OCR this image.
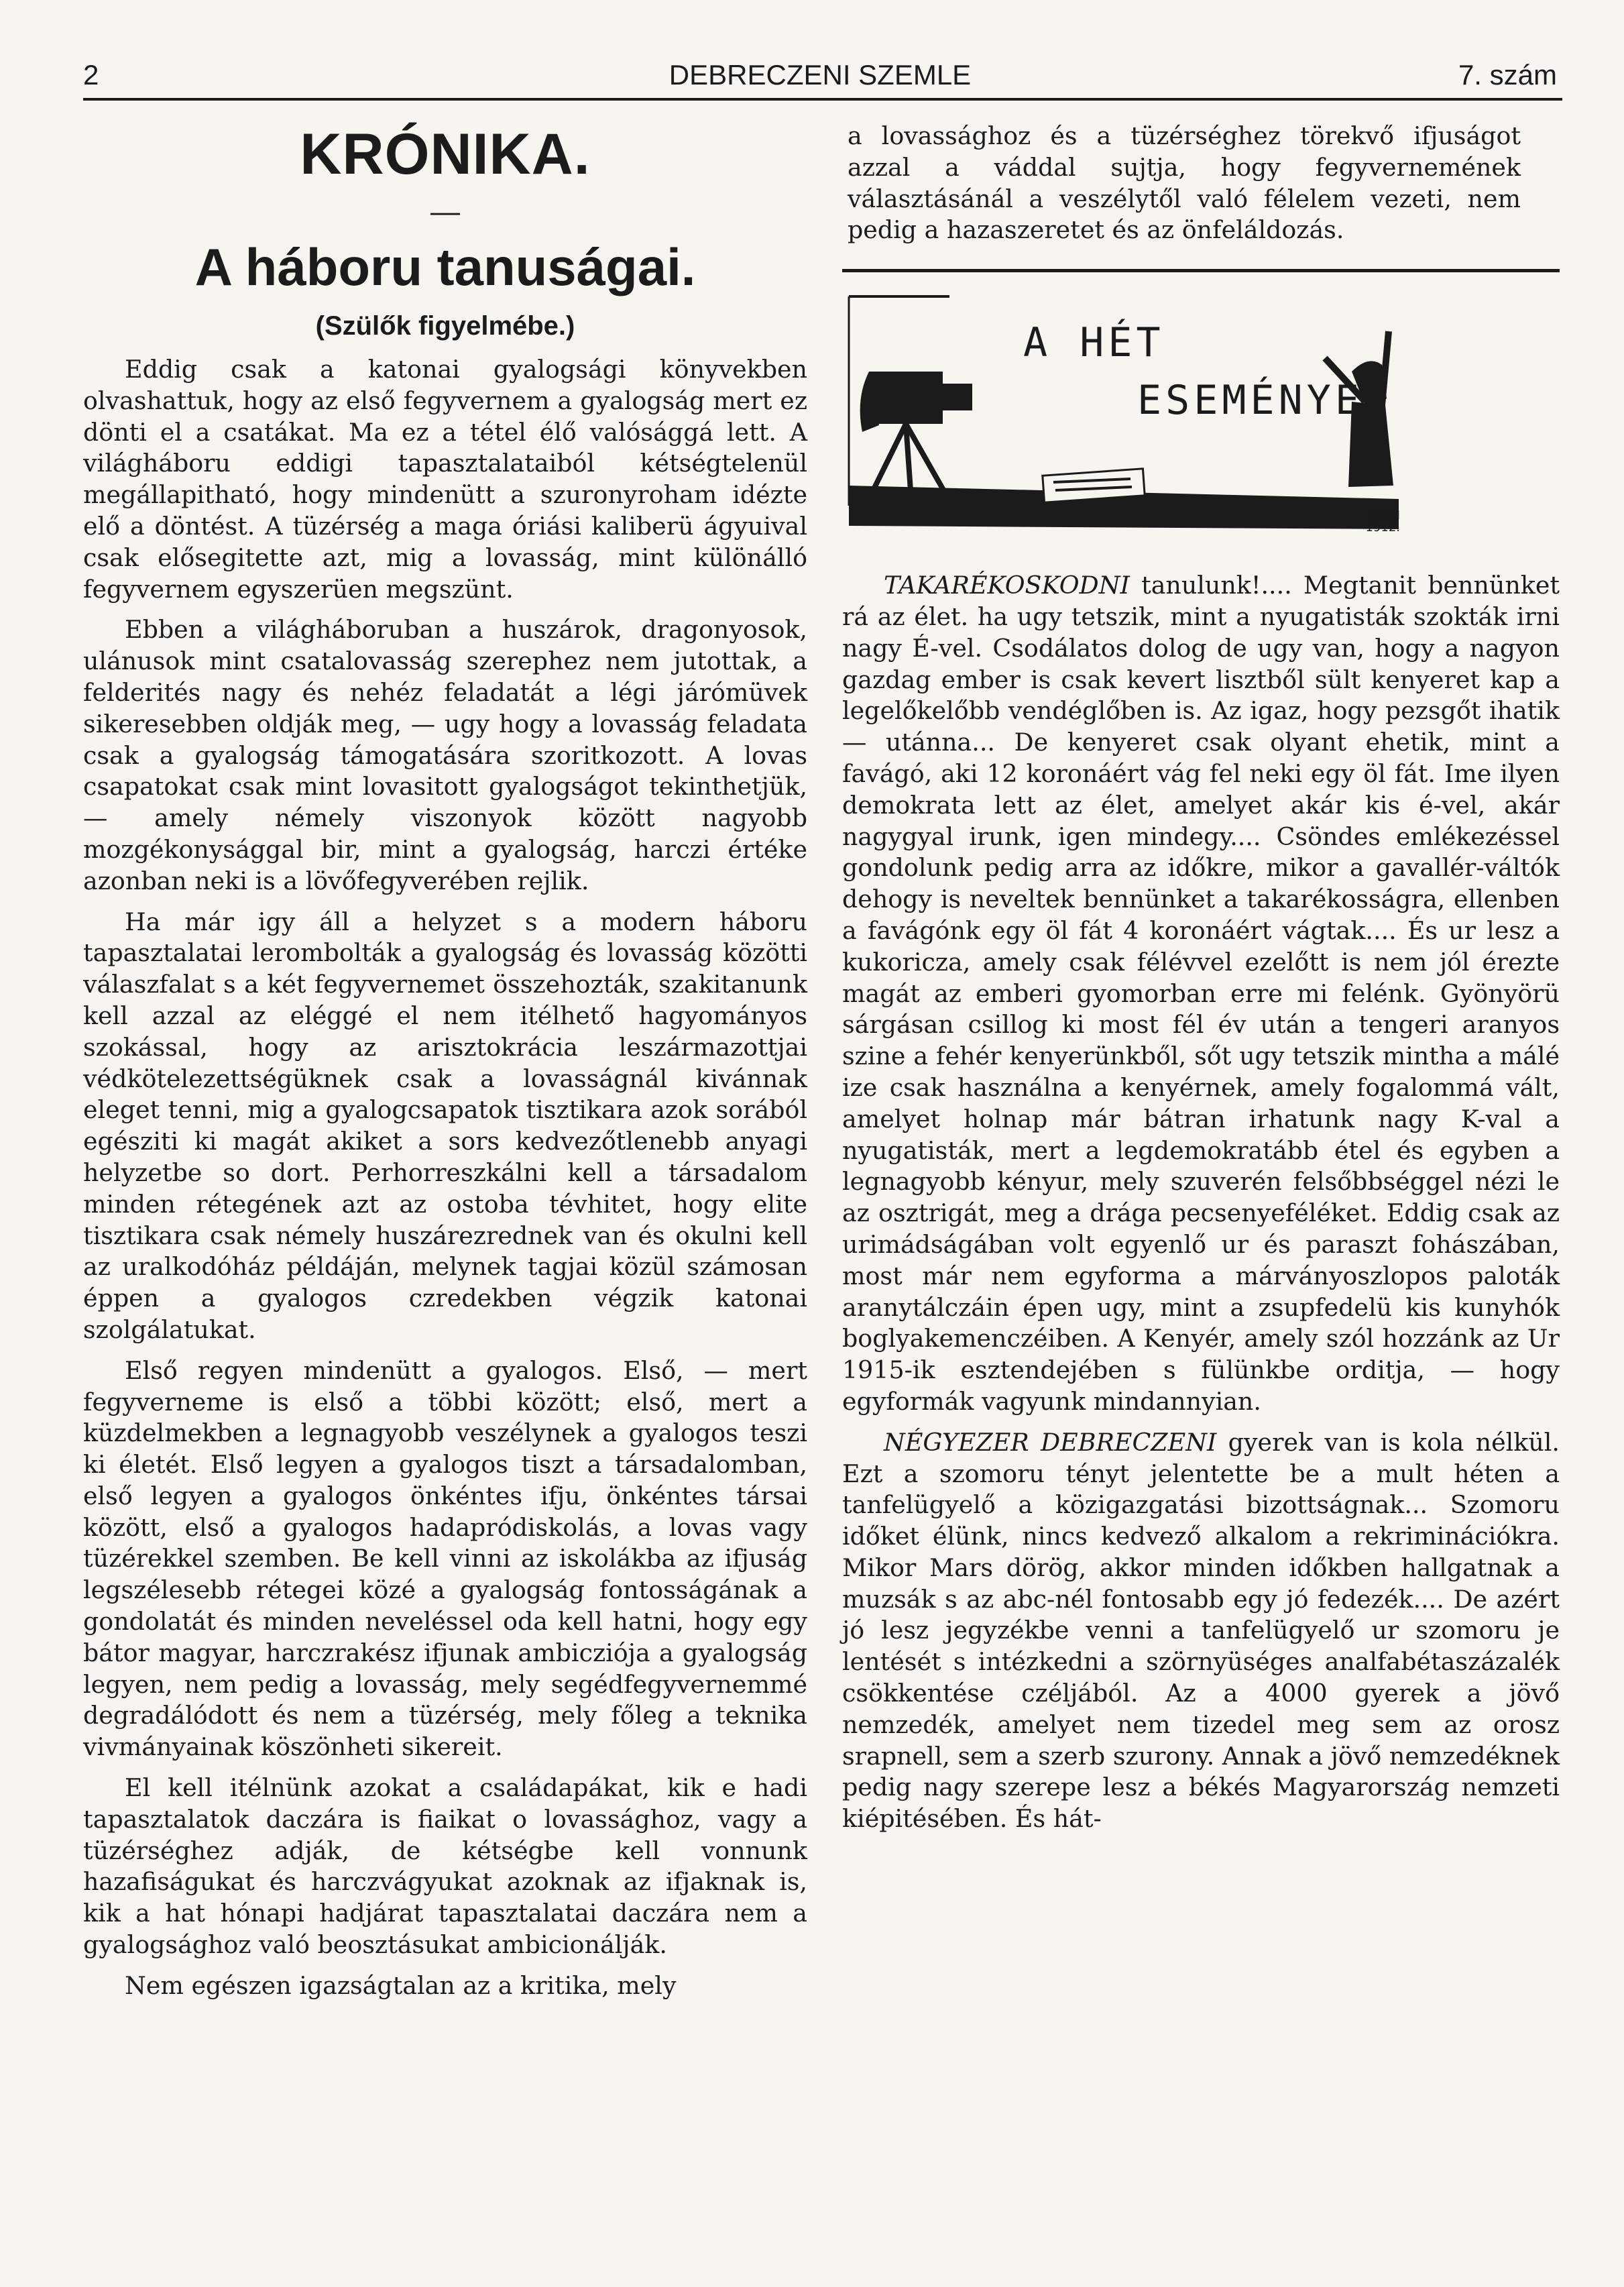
DEBRECZENI SZEMLE
2	7. szám
KRÓNIKA.
—
A háboru tanuságai.
(Szülők figyelmébe.)

Eddig csak a katonai gyalogsági könyvekben olvashattuk, hogy az első fegyvernem a gyalogság mert ez dönti el a csatákat. Ma ez a tétel élő valósággá lett. A világháboru eddigi tapasztalataiból kétségtelenül megállapitható, hogy mindenütt a szuronyroham idézte elő a döntést. A tüzérség a maga óriási kaliberü ágyuival csak elősegitette azt, mig a lovasság, mint különálló fegyvernem egyszerüen megszünt.

Ebben a világháboruban a huszárok, dragonyosok, ulánusok mint csatalovasság szerephez nem jutottak, a felderités nagy és nehéz feladatát a légi járómüvek sikeresebben oldják meg, — ugy hogy a lovasság feladata csak a gyalogság támogatására szoritkozott. A lovas csapatokat csak mint lovasitott gyalogságot tekinthetjük, — amely némely viszonyok között nagyobb mozgékonysággal bir, mint a gyalogság, harczi értéke azonban neki is a lövőfegyverében rejlik.

Ha már igy áll a helyzet s a modern háboru tapasztalatai lerombolták a gyalogság és lovasság közötti válaszfalat s a két fegyvernemet összehozták, szakitanunk kell azzal az eléggé el nem itélhető hagyományos szokással, hogy az arisztokrácia leszármazottjai védkötelezettségüknek csak a lovasságnál kivánnak eleget tenni, mig a gyalogcsapatok tisztikara azok sorából egésziti ki magát akiket a sors kedvezőtlenebb anyagi helyzetbe so dort. Perhorreszkálni kell a társadalom minden rétegének azt az ostoba tévhitet, hogy elite tisztikara csak némely huszárezrednek van és okulni kell az uralkodóház példáján, melynek tagjai közül számosan éppen a gyalogos czredekben végzik katonai szolgálatukat.

Első regyen mindenütt a gyalogos. Első, — mert fegyverneme is első a többi között; első, mert a küzdelmekben a legnagyobb veszélynek a gyalogos teszi ki életét. Első legyen a gyalogos tiszt a társadalomban, első legyen a gyalogos önkéntes ifju, önkéntes társai között, első a gyalogos hadapródiskolás, a lovas vagy tüzérekkel szemben. Be kell vinni az iskolákba az ifjuság legszélesebb rétegei közé a gyalogság fontosságának a gondolatát és minden neveléssel oda kell hatni, hogy egy bátor magyar, harczrakész ifjunak ambicziója a gyalogság legyen, nem pedig a lovasság, mely segédfegyvernemmé degradálódott és nem a tüzérség, mely főleg a teknika vivmányainak köszönheti sikereit.

El kell itélnünk azokat a családapákat, kik e hadi tapasztalatok daczára is fiaikat o lovassághoz, vagy a tüzérséghez adják, de kétségbe kell vonnunk hazafiságukat és harczvágyukat azoknak az ifjaknak is, kik a hat hónapi hadjárat tapasztalatai daczára nem a gyalogsághoz való beosztásukat ambicionálják.

Nem egészen igazságtalan az a kritika, mely

a lovassághoz és a tüzérséghez törekvő ifjuságot azzal a váddal sujtja, hogy fegyvernemének választásánál a veszélytől való félelem vezeti, nem pedig a hazaszeretet és az önfeláldozás.

A HÉT
ESEMÉNYEI
TÓTH
1912.

TAKARÉKOSKODNI tanulunk!.... Megtanit bennünket rá az élet. ha ugy tetszik, mint a nyugatisták szokták irni nagy É-vel. Csodálatos dolog de ugy van, hogy a nagyon gazdag ember is csak kevert lisztből sült kenyeret kap a legelőkelőbb vendéglőben is. Az igaz, hogy pezsgőt ihatik — utánna... De kenyeret csak olyant ehetik, mint a favágó, aki 12 koronáért vág fel neki egy öl fát. Ime ilyen demokrata lett az élet, amelyet akár kis é-vel, akár nagygyal irunk, igen mindegy.... Csöndes emlékezéssel gondolunk pedig arra az időkre, mikor a gavallér-váltók dehogy is neveltek bennünket a takarékosságra, ellenben a favágónk egy öl fát 4 koronáért vágtak.... És ur lesz a kukoricza, amely csak félévvel ezelőtt is nem jól érezte magát az emberi gyomorban erre mi felénk. Gyönyörü sárgásan csillog ki most fél év után a tengeri aranyos szine a fehér kenyerünkből, sőt ugy tetszik mintha a málé ize csak használna a kenyérnek, amely fogalommá vált, amelyet holnap már bátran irhatunk nagy K-val a nyugatisták, mert a legdemokratább étel és egyben a legnagyobb kényur, mely szuverén felsőbbséggel nézi le az osztrigát, meg a drága pecsenyeféléket. Eddig csak az urimádságában volt egyenlő ur és paraszt fohászában, most már nem egyforma a márványoszlopos paloták aranytálczáin épen ugy, mint a zsupfedelü kis kunyhók boglyakemenczéiben. A Kenyér, amely szól hozzánk az Ur 1915-ik esztendejében s fülünkbe orditja, — hogy egyformák vagyunk mindannyian.

NÉGYEZER DEBRECZENI gyerek van is kola nélkül. Ezt a szomoru tényt jelentette be a mult héten a tanfelügyelő a közigazgatási bizottságnak... Szomoru időket élünk, nincs kedvező alkalom a rekriminációkra. Mikor Mars dörög, akkor minden időkben hallgatnak a muzsák s az abc-nél fontosabb egy jó fedezék.... De azért jó lesz jegyzékbe venni a tanfelügyelő ur szomoru je lentését s intézkedni a szörnyüséges analfabétaszázalék csökkentése czéljából. Az a 4000 gyerek a jövő nemzedék, amelyet nem tizedel meg sem az orosz srapnell, sem a szerb szurony. Annak a jövő nemzedéknek pedig nagy szerepe lesz a békés Magyarország nemzeti kiépitésében. És hát-
